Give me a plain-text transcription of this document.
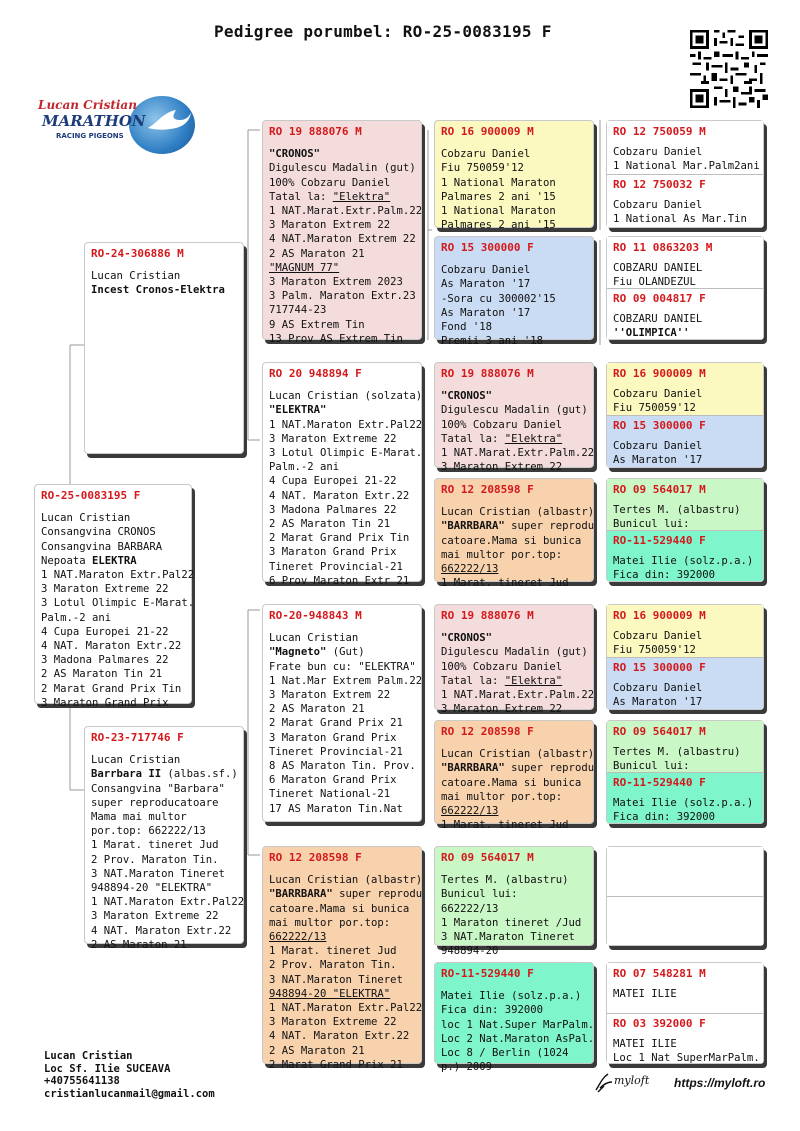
Pedigree porumbel: RO-25-0083195 F
Lucan Cristian
MARATHON
RACING PIGEONS
RO-25-0083195 F
Lucan Cristian
Consangvina CRONOS
Consangvina BARBARA
Nepoata ELEKTRA
1 NAT.Maraton Extr.Pal22
3 Maraton Extreme 22
3 Lotul Olimpic E-Marat.
Palm.-2 ani
4 Cupa Europei 21-22
4 NAT. Maraton Extr.22
3 Madona Palmares 22
2 AS Maraton Tin 21
2 Marat Grand Prix Tin
3 Maraton Grand Prix
RO-24-306886 M
Lucan Cristian
Incest Cronos-Elektra
RO-23-717746 F
Lucan Cristian
Barrbara II (albas.sf.)
Consangvina "Barbara"
super reproducatoare
Mama mai multor
por.top: 662222/13
1 Marat. tineret Jud
2 Prov. Maraton Tin.
3 NAT.Maraton Tineret
948894-20 "ELEKTRA"
1 NAT.Maraton Extr.Pal22
3 Maraton Extreme 22
4 NAT. Maraton Extr.22
2 AS Maraton 21
RO 19 888076 M
"CRONOS"
Digulescu Madalin (gut)
100% Cobzaru Daniel
Tatal la: "Elektra"
1 NAT.Marat.Extr.Palm.22
3 Maraton Extrem 22
4 NAT.Maraton Extrem 22
2 AS Maraton 21
"MAGNUM 77"
3 Maraton Extrem 2023
3 Palm. Maraton Extr.23
717744-23
9 AS Extrem Tin
13 Prov AS Extrem Tin
RO 20 948894 F
Lucan Cristian (solzata)
"ELEKTRA"
1 NAT.Maraton Extr.Pal22
3 Maraton Extreme 22
3 Lotul Olimpic E-Marat.
Palm.-2 ani
4 Cupa Europei 21-22
4 NAT. Maraton Extr.22
3 Madona Palmares 22
2 AS Maraton Tin 21
2 Marat Grand Prix Tin
3 Maraton Grand Prix
Tineret Provincial-21
6 Prov Maraton Extr 21
RO-20-948843 M
Lucan Cristian
"Magneto" (Gut)
Frate bun cu: "ELEKTRA"
1 Nat.Mar Extrem Palm.22
3 Maraton Extrem 22
2 AS Maraton 21
2 Marat Grand Prix 21
3 Maraton Grand Prix
Tineret Provincial-21
8 AS Maraton Tin. Prov.
6 Maraton Grand Prix
Tineret National-21
17 AS Maraton Tin.Nat
RO 12 208598 F
Lucan Cristian (albastr)
"BARRBARA" super reprodu
catoare.Mama si bunica
mai multor por.top:
662222/13
1 Marat. tineret Jud
2 Prov. Maraton Tin.
3 NAT.Maraton Tineret
948894-20 "ELEKTRA"
1 NAT.Maraton Extr.Pal22
3 Maraton Extreme 22
4 NAT. Maraton Extr.22
2 AS Maraton 21
2 Marat Grand Prix 21
RO 16 900009 M
Cobzaru Daniel
Fiu 750059'12
1 National Maraton
Palmares 2 ani '15
1 National Maraton
Palmares 2 ani '15
RO 15 300000 F
Cobzaru Daniel
As Maraton '17
-Sora cu 300002'15
As Maraton '17
Fond '18
Premii 3 ani '18
RO 19 888076 M
"CRONOS"
Digulescu Madalin (gut)
100% Cobzaru Daniel
Tatal la: "Elektra"
1 NAT.Marat.Extr.Palm.22
3 Maraton Extrem 22
RO 12 208598 F
Lucan Cristian (albastr)
"BARRBARA" super reprodu
catoare.Mama si bunica
mai multor por.top:
662222/13
1 Marat. tineret Jud
RO 19 888076 M
"CRONOS"
Digulescu Madalin (gut)
100% Cobzaru Daniel
Tatal la: "Elektra"
1 NAT.Marat.Extr.Palm.22
3 Maraton Extrem 22
RO 12 208598 F
Lucan Cristian (albastr)
"BARRBARA" super reprodu
catoare.Mama si bunica
mai multor por.top:
662222/13
1 Marat. tineret Jud
RO 09 564017 M
Tertes M. (albastru)
Bunicul lui:
662222/13
1 Maraton tineret /Jud
3 NAT.Maraton Tineret
948894-20
RO-11-529440 F
Matei Ilie (solz.p.a.)
Fica din: 392000
loc 1 Nat.Super MarPalm.
Loc 2 Nat.Maraton AsPal.
Loc 8 / Berlin (1024
p.) 2009
RO 12 750059 M
Cobzaru Daniel
1 National Mar.Palm2ani
RO 12 750032 F
Cobzaru Daniel
1 National As Mar.Tin
RO 11 0863203 M
COBZARU DANIEL
Fiu OLANDEZUL
RO 09 004817 F
COBZARU DANIEL
''OLIMPICA''
RO 16 900009 M
Cobzaru Daniel
Fiu 750059'12
RO 15 300000 F
Cobzaru Daniel
As Maraton '17
RO 09 564017 M
Tertes M. (albastru)
Bunicul lui:
RO-11-529440 F
Matei Ilie (solz.p.a.)
Fica din: 392000
RO 16 900009 M
Cobzaru Daniel
Fiu 750059'12
RO 15 300000 F
Cobzaru Daniel
As Maraton '17
RO 09 564017 M
Tertes M. (albastru)
Bunicul lui:
RO-11-529440 F
Matei Ilie (solz.p.a.)
Fica din: 392000
RO 07 548281 M
MATEI ILIE
RO 03 392000 F
MATEI ILIE
Loc 1 Nat SuperMarPalm.
Lucan Cristian
Loc Sf. Ilie SUCEAVA
+40755641138
cristianlucanmail@gmail.com
myloft https://myloft.ro
